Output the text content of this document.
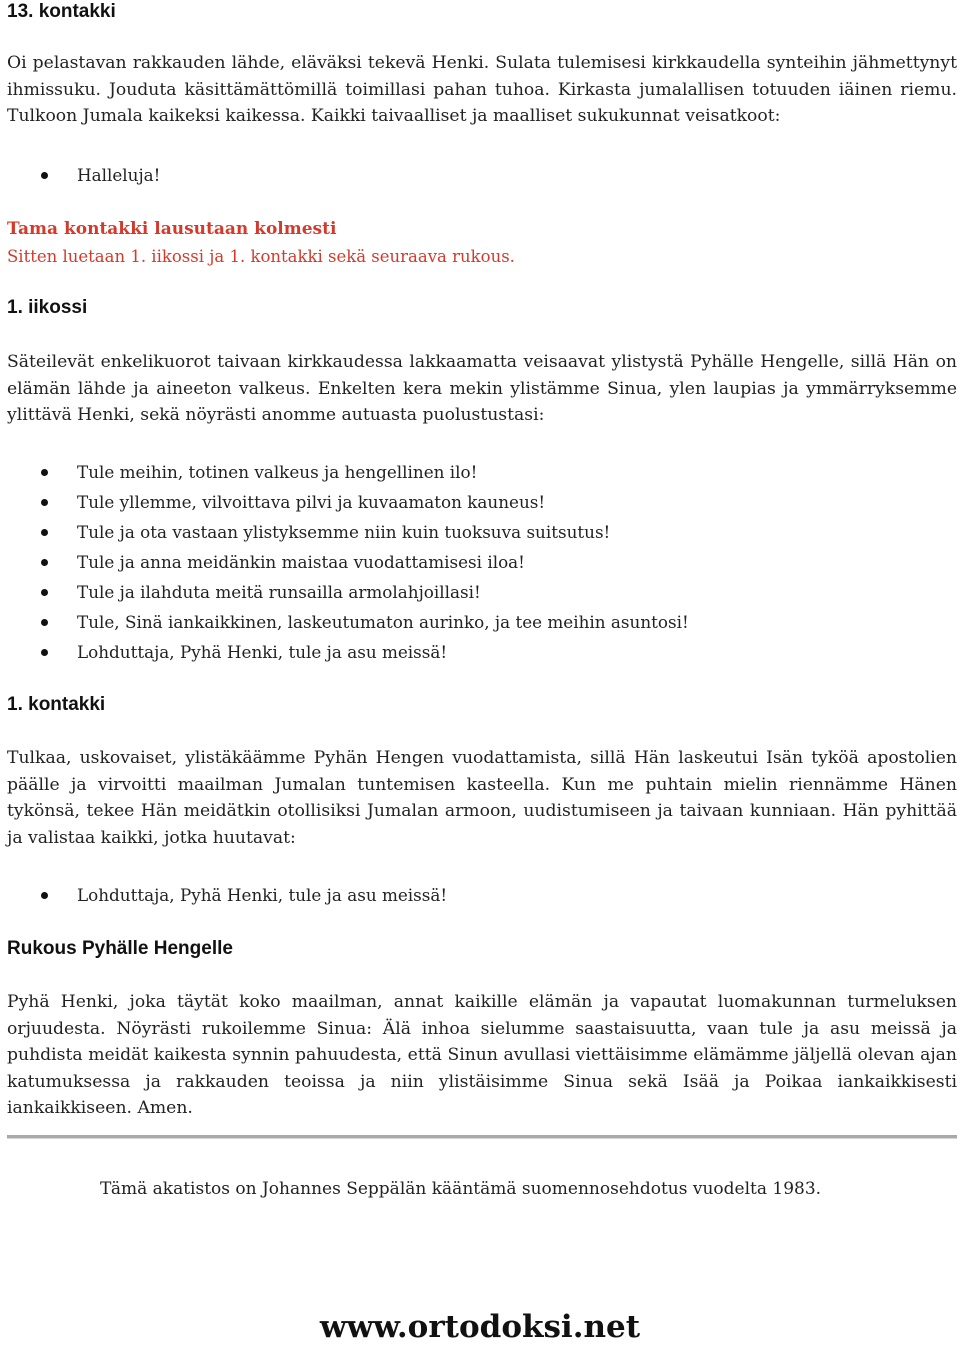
13. kontakki

Oi pelastavan rakkauden lähde, eläväksi tekevä Henki. Sulata tulemisesi kirkkaudella synteihin jähmettynyt ihmissuku. Jouduta käsittämättömillä toimillasi pahan tuhoa. Kirkasta jumalallisen totuuden iäinen riemu. Tulkoon Jumala kaikeksi kaikessa. Kaikki taivaalliset ja maalliset sukukunnat veisatkoot:

Halleluja!

Tama kontakki lausutaan kolmesti

Sitten luetaan 1. iikossi ja 1. kontakki sekä seuraava rukous.

1. iikossi

Säteilevät enkelikuorot taivaan kirkkaudessa lakkaamatta veisaavat ylistystä Pyhälle Hengelle, sillä Hän on elämän lähde ja aineeton valkeus. Enkelten kera mekin ylistämme Sinua, ylen laupias ja ymmärryksemme ylittävä Henki, sekä nöyrästi anomme autuasta puolustustasi:

Tule meihin, totinen valkeus ja hengellinen ilo!
Tule yllemme, vilvoittava pilvi ja kuvaamaton kauneus!
Tule ja ota vastaan ylistyksemme niin kuin tuoksuva suitsutus!
Tule ja anna meidänkin maistaa vuodattamisesi iloa!
Tule ja ilahduta meitä runsailla armolahjoillasi!
Tule, Sinä iankaikkinen, laskeutumaton aurinko, ja tee meihin asuntosi!
Lohduttaja, Pyhä Henki, tule ja asu meissä!
1. kontakki

Tulkaa, uskovaiset, ylistäkäämme Pyhän Hengen vuodattamista, sillä Hän laskeutui Isän tyköä apostolien päälle ja virvoitti maailman Jumalan tuntemisen kasteella. Kun me puhtain mielin riennämme Hänen tykönsä, tekee Hän meidätkin otollisiksi Jumalan armoon, uudistumiseen ja taivaan kunniaan. Hän pyhittää ja valistaa kaikki, jotka huutavat:

Lohduttaja, Pyhä Henki, tule ja asu meissä!
Rukous Pyhälle Hengelle

Pyhä Henki, joka täytät koko maailman, annat kaikille elämän ja vapautat luomakunnan turmeluksen orjuudesta. Nöyrästi rukoilemme Sinua: Älä inhoa sielumme saastaisuutta, vaan tule ja asu meissä ja puhdista meidät kaikesta synnin pahuudesta, että Sinun avullasi viettäisimme elämämme jäljellä olevan ajan katumuksessa ja rakkauden teoissa ja niin ylistäisimme Sinua sekä Isää ja Poikaa iankaikkisesti iankaikkiseen. Amen.

Tämä akatistos on Johannes Seppälän kääntämä suomennosehdotus vuodelta 1983.

www.ortodoksi.net
